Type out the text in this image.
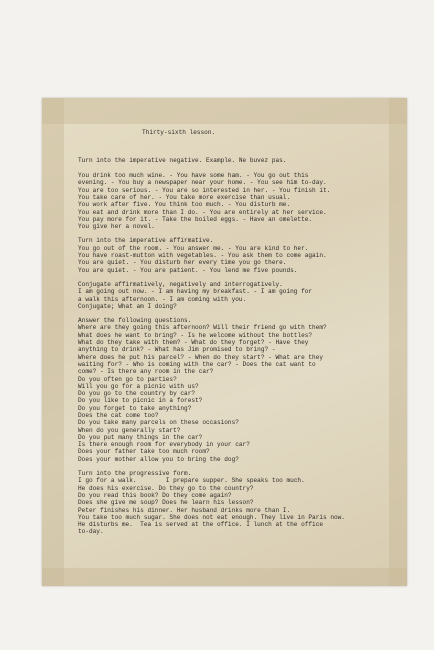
Thirty-sixth lesson.

Turn into the imperative negative. Example. Ne buvez pas.

You drink too much wine. - You have some ham. - You go out this
evening. - You buy a newspaper near your home. - You see him to-day.
You are too serious. - You are so interested in her. - You finish it.
You take care of her. - You take more exercise than usual.
You work after five. You think too much. - You disturb me.
You eat and drink more than I do. - You are entirely at her service.
You pay more for it. - Take the boiled eggs. - Have an omelette.
You give her a novel.
Turn into the imperative affirmative.
You go out of the room. - You answer me. - You are kind to her.
You have roast-mutton with vegetables. - You ask them to come again.
You are quiet. - You disturb her every time you go there.
You are quiet. - You are patient. - You lend me five pounds.
Conjugate affirmatively, negatively and interrogatively.
I am going out now. - I am having my breakfast. - I am going for
a walk this afternoon. - I am coming with you.
Conjugate; What am I doing?
Answer the following questions.
Where are they going this afternoon? Will their friend go with them?
What does he want to bring? - Is he welcome without the bottles?
What do they take with them? - What do they forget? - Have they
anything to drink? - What has Jim promised to bring? -
Where does he put his parcel? - When do they start? - What are they
waiting for? - Who is coming with the car? - Does the cat want to
come? - Is there any room in the car?
Do you often go to parties?
Will you go for a picnic with us?
Do you go to the country by car?
Do you like to picnic in a forest?
Do you forget to take anything?
Does the cat come too?
Do you take many parcels on these occasions?
When do you generally start?
Do you put many things in the car?
Is there enough room for everybody in your car?
Does your father take too much room?
Does your mother allow you to bring the dog?
Turn into the progressive form.
I go for a walk.        I prepare supper. She speaks too much.
He does his exercise. Do they go to the country?
Do you read this book? Do they come again?
Does she give me soup? Does he learn his lesson?
Peter finishes his dinner. Her husband drinks more than I.
You take too much sugar. She does not eat enough. They live in Paris now.
He disturbs me.  Tea is served at the office. I lunch at the office
to-day.
